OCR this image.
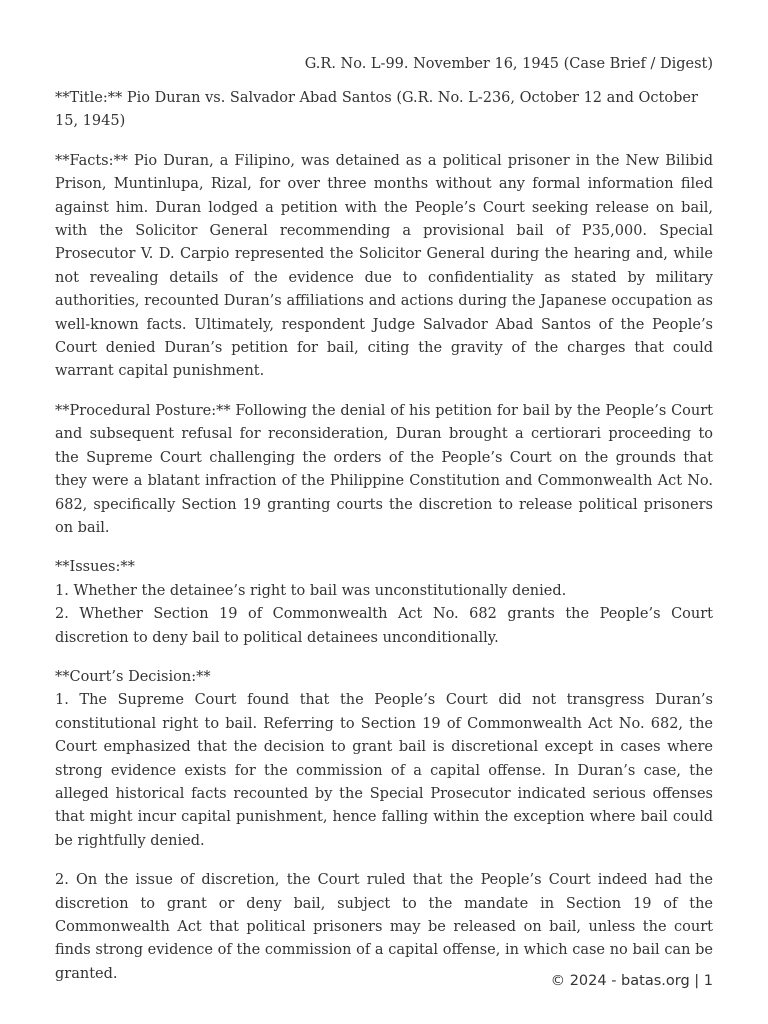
G.R. No. L-99. November 16, 1945 (Case Brief / Digest)

**Title:** Pio Duran vs. Salvador Abad Santos (G.R. No. L-236, October 12 and October 15, 1945)

**Facts:** Pio Duran, a Filipino, was detained as a political prisoner in the New Bilibid Prison, Muntinlupa, Rizal, for over three months without any formal information filed against him. Duran lodged a petition with the People’s Court seeking release on bail, with the Solicitor General recommending a provisional bail of P35,000. Special Prosecutor V. D. Carpio represented the Solicitor General during the hearing and, while not revealing details of the evidence due to confidentiality as stated by military authorities, recounted Duran’s affiliations and actions during the Japanese occupation as well-known facts. Ultimately, respondent Judge Salvador Abad Santos of the People’s Court denied Duran’s petition for bail, citing the gravity of the charges that could warrant capital punishment.

**Procedural Posture:** Following the denial of his petition for bail by the People’s Court and subsequent refusal for reconsideration, Duran brought a certiorari proceeding to the Supreme Court challenging the orders of the People’s Court on the grounds that they were a blatant infraction of the Philippine Constitution and Commonwealth Act No. 682, specifically Section 19 granting courts the discretion to release political prisoners on bail.

**Issues:**
1. Whether the detainee’s right to bail was unconstitutionally denied.
2. Whether Section 19 of Commonwealth Act No. 682 grants the People’s Court discretion to deny bail to political detainees unconditionally.
**Court’s Decision:**
1. The Supreme Court found that the People’s Court did not transgress Duran’s constitutional right to bail. Referring to Section 19 of Commonwealth Act No. 682, the Court emphasized that the decision to grant bail is discretional except in cases where strong evidence exists for the commission of a capital offense. In Duran’s case, the alleged historical facts recounted by the Special Prosecutor indicated serious offenses that might incur capital punishment, hence falling within the exception where bail could be rightfully denied.

2. On the issue of discretion, the Court ruled that the People’s Court indeed had the discretion to grant or deny bail, subject to the mandate in Section 19 of the Commonwealth Act that political prisoners may be released on bail, unless the court finds strong evidence of the commission of a capital offense, in which case no bail can be granted.	© 2024 - batas.org | 1
